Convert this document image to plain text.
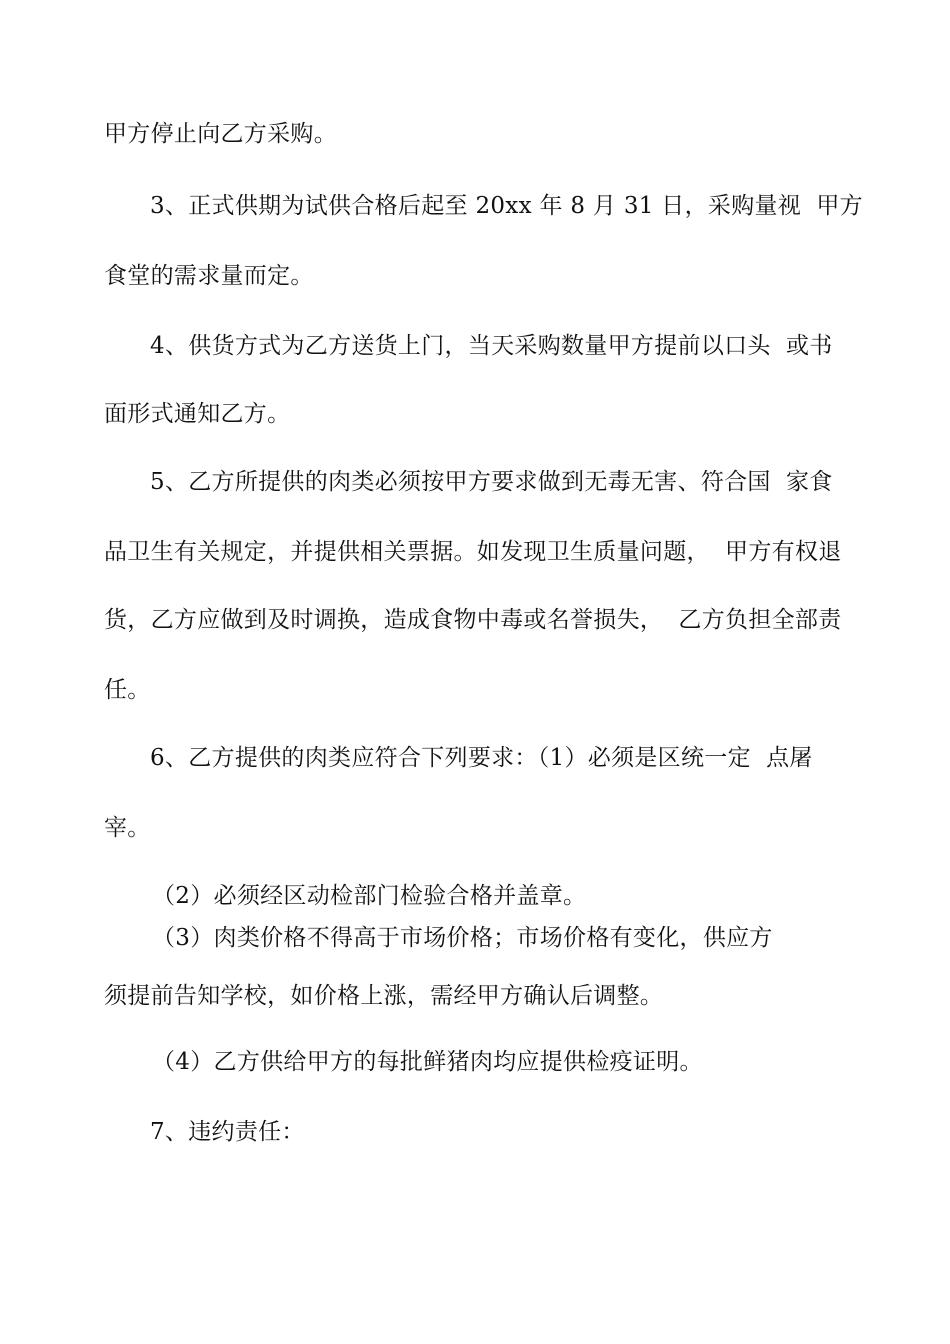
甲方停止向乙方采购。
3、正式供期为试供合格后起至 20xx 年 8 月 31 日，采购量视  甲方
食堂的需求量而定。
4、供货方式为乙方送货上门，当天采购数量甲方提前以口头  或书
面形式通知乙方。
5、乙方所提供的肉类必须按甲方要求做到无毒无害、符合国  家食
品卫生有关规定，并提供相关票据。如发现卫生质量问题，  甲方有权退
货，乙方应做到及时调换，造成食物中毒或名誉损失，  乙方负担全部责
任。
6、乙方提供的肉类应符合下列要求：（1）必须是区统一定  点屠
宰。
（2）必须经区动检部门检验合格并盖章。
（3）肉类价格不得高于市场价格；市场价格有变化，供应方
须提前告知学校，如价格上涨，需经甲方确认后调整。
（4）乙方供给甲方的每批鲜猪肉均应提供检疫证明。
7、违约责任：
